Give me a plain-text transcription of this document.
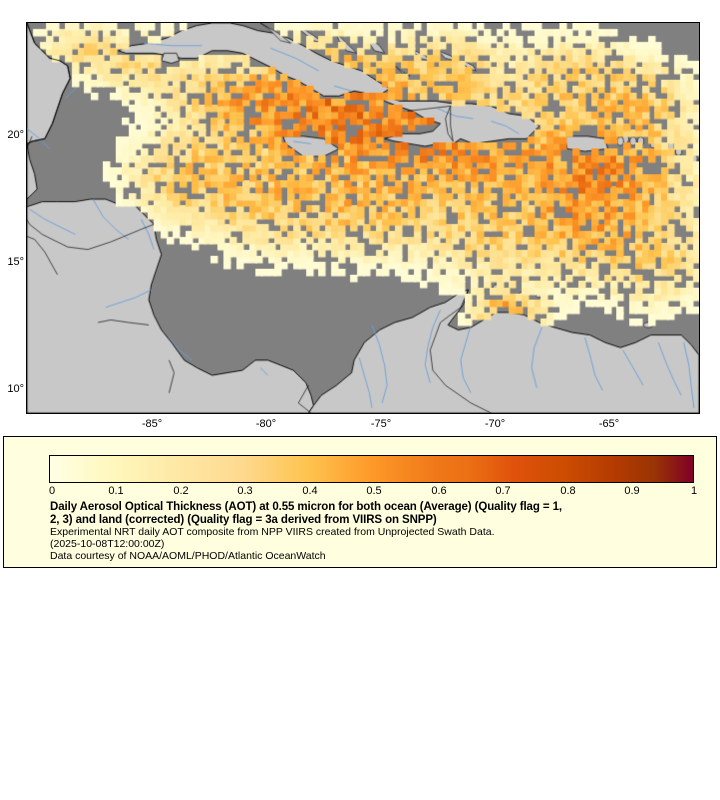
-85°	-80°	-75°	-70°	-65°
20°
15°
10°
0	0.1	0.2	0.3	0.4	0.5	0.6	0.7	0.8	0.9	1
Daily Aerosol Optical Thickness (AOT) at 0.55 micron for both ocean (Average) (Quality flag = 1,
2, 3) and land (corrected) (Quality flag = 3a derived from VIIRS on SNPP)
Experimental NRT daily AOT composite from NPP VIIRS created from Unprojected Swath Data.
(2025-10-08T12:00:00Z)
Data courtesy of NOAA/AOML/PHOD/Atlantic OceanWatch
